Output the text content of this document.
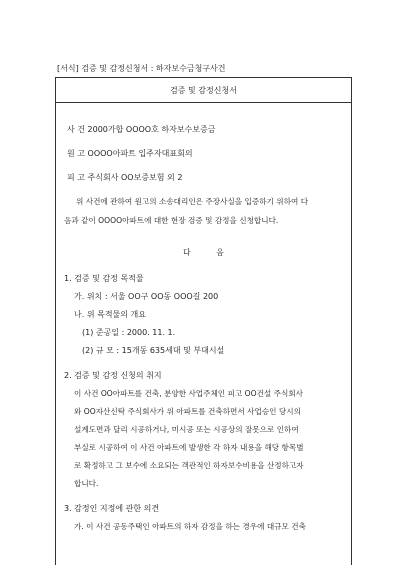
[서식] 검증 및 감정신청서 : 하자보수금청구사건
검증 및 감정신청서
사 건 2000가합 OOOO호 하자보수보증금
원 고 OOOO아파트 입주자대표회의
피 고 주식회사 OO보증보험 외 2
위 사건에 관하여 원고의 소송대리인은 주장사실을 입증하기 위하여 다
음과 같이 OOOO아파트에 대한 현장 검증 및 감정을 신청합니다.
다          음
1. 검증 및 감정 목적물
가. 위치 : 서울 OO구 OO동 OOO길 200
나. 위 목적물의 개요
(1) 준공일 : 2000. 11. 1.
(2) 규 모 : 15개동 635세대 및 부대시설
2. 검증 및 감정 신청의 취지
이 사건 OO아파트를 건축, 분양한 사업주체인 피고 OO건설 주식회사
와 OO자산신탁 주식회사가 위 아파트를 건축하면서 사업승인 당시의
설계도면과 달리 시공하거나, 미시공 또는 시공상의 잘못으로 인하여
부실로 시공하여 이 사건 아파트에 발생한 각 하자 내용을 해당 항목별
로 확정하고 그 보수에 소요되는 객관적인 하자보수비용을 산정하고자
합니다.
3. 감정인 지정에 관한 의견
가. 이 사건 공동주택인 아파트의 하자 감정을 하는 경우에 대규모 건축
